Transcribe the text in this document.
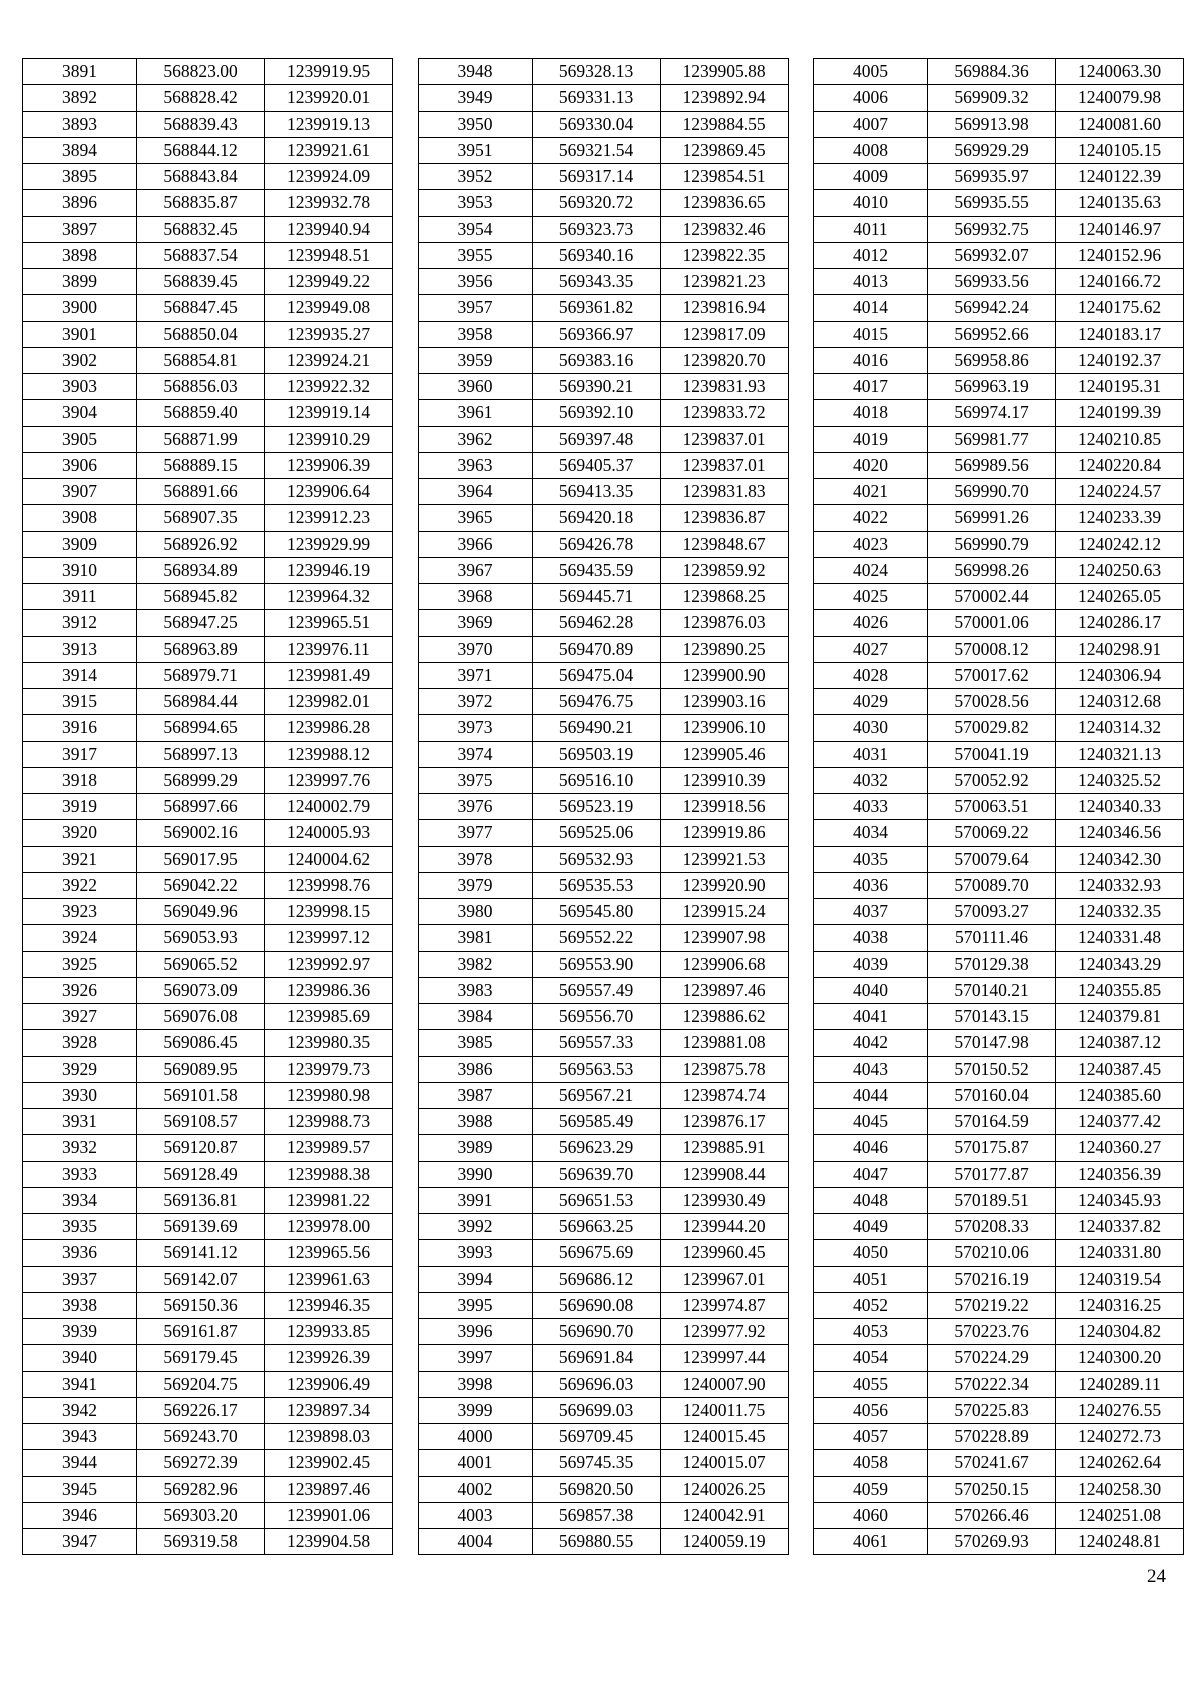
3891	568823.00	1239919.95
3892	568828.42	1239920.01
3893	568839.43	1239919.13
3894	568844.12	1239921.61
3895	568843.84	1239924.09
3896	568835.87	1239932.78
3897	568832.45	1239940.94
3898	568837.54	1239948.51
3899	568839.45	1239949.22
3900	568847.45	1239949.08
3901	568850.04	1239935.27
3902	568854.81	1239924.21
3903	568856.03	1239922.32
3904	568859.40	1239919.14
3905	568871.99	1239910.29
3906	568889.15	1239906.39
3907	568891.66	1239906.64
3908	568907.35	1239912.23
3909	568926.92	1239929.99
3910	568934.89	1239946.19
3911	568945.82	1239964.32
3912	568947.25	1239965.51
3913	568963.89	1239976.11
3914	568979.71	1239981.49
3915	568984.44	1239982.01
3916	568994.65	1239986.28
3917	568997.13	1239988.12
3918	568999.29	1239997.76
3919	568997.66	1240002.79
3920	569002.16	1240005.93
3921	569017.95	1240004.62
3922	569042.22	1239998.76
3923	569049.96	1239998.15
3924	569053.93	1239997.12
3925	569065.52	1239992.97
3926	569073.09	1239986.36
3927	569076.08	1239985.69
3928	569086.45	1239980.35
3929	569089.95	1239979.73
3930	569101.58	1239980.98
3931	569108.57	1239988.73
3932	569120.87	1239989.57
3933	569128.49	1239988.38
3934	569136.81	1239981.22
3935	569139.69	1239978.00
3936	569141.12	1239965.56
3937	569142.07	1239961.63
3938	569150.36	1239946.35
3939	569161.87	1239933.85
3940	569179.45	1239926.39
3941	569204.75	1239906.49
3942	569226.17	1239897.34
3943	569243.70	1239898.03
3944	569272.39	1239902.45
3945	569282.96	1239897.46
3946	569303.20	1239901.06
3947	569319.58	1239904.58
3948	569328.13	1239905.88
3949	569331.13	1239892.94
3950	569330.04	1239884.55
3951	569321.54	1239869.45
3952	569317.14	1239854.51
3953	569320.72	1239836.65
3954	569323.73	1239832.46
3955	569340.16	1239822.35
3956	569343.35	1239821.23
3957	569361.82	1239816.94
3958	569366.97	1239817.09
3959	569383.16	1239820.70
3960	569390.21	1239831.93
3961	569392.10	1239833.72
3962	569397.48	1239837.01
3963	569405.37	1239837.01
3964	569413.35	1239831.83
3965	569420.18	1239836.87
3966	569426.78	1239848.67
3967	569435.59	1239859.92
3968	569445.71	1239868.25
3969	569462.28	1239876.03
3970	569470.89	1239890.25
3971	569475.04	1239900.90
3972	569476.75	1239903.16
3973	569490.21	1239906.10
3974	569503.19	1239905.46
3975	569516.10	1239910.39
3976	569523.19	1239918.56
3977	569525.06	1239919.86
3978	569532.93	1239921.53
3979	569535.53	1239920.90
3980	569545.80	1239915.24
3981	569552.22	1239907.98
3982	569553.90	1239906.68
3983	569557.49	1239897.46
3984	569556.70	1239886.62
3985	569557.33	1239881.08
3986	569563.53	1239875.78
3987	569567.21	1239874.74
3988	569585.49	1239876.17
3989	569623.29	1239885.91
3990	569639.70	1239908.44
3991	569651.53	1239930.49
3992	569663.25	1239944.20
3993	569675.69	1239960.45
3994	569686.12	1239967.01
3995	569690.08	1239974.87
3996	569690.70	1239977.92
3997	569691.84	1239997.44
3998	569696.03	1240007.90
3999	569699.03	1240011.75
4000	569709.45	1240015.45
4001	569745.35	1240015.07
4002	569820.50	1240026.25
4003	569857.38	1240042.91
4004	569880.55	1240059.19
4005	569884.36	1240063.30
4006	569909.32	1240079.98
4007	569913.98	1240081.60
4008	569929.29	1240105.15
4009	569935.97	1240122.39
4010	569935.55	1240135.63
4011	569932.75	1240146.97
4012	569932.07	1240152.96
4013	569933.56	1240166.72
4014	569942.24	1240175.62
4015	569952.66	1240183.17
4016	569958.86	1240192.37
4017	569963.19	1240195.31
4018	569974.17	1240199.39
4019	569981.77	1240210.85
4020	569989.56	1240220.84
4021	569990.70	1240224.57
4022	569991.26	1240233.39
4023	569990.79	1240242.12
4024	569998.26	1240250.63
4025	570002.44	1240265.05
4026	570001.06	1240286.17
4027	570008.12	1240298.91
4028	570017.62	1240306.94
4029	570028.56	1240312.68
4030	570029.82	1240314.32
4031	570041.19	1240321.13
4032	570052.92	1240325.52
4033	570063.51	1240340.33
4034	570069.22	1240346.56
4035	570079.64	1240342.30
4036	570089.70	1240332.93
4037	570093.27	1240332.35
4038	570111.46	1240331.48
4039	570129.38	1240343.29
4040	570140.21	1240355.85
4041	570143.15	1240379.81
4042	570147.98	1240387.12
4043	570150.52	1240387.45
4044	570160.04	1240385.60
4045	570164.59	1240377.42
4046	570175.87	1240360.27
4047	570177.87	1240356.39
4048	570189.51	1240345.93
4049	570208.33	1240337.82
4050	570210.06	1240331.80
4051	570216.19	1240319.54
4052	570219.22	1240316.25
4053	570223.76	1240304.82
4054	570224.29	1240300.20
4055	570222.34	1240289.11
4056	570225.83	1240276.55
4057	570228.89	1240272.73
4058	570241.67	1240262.64
4059	570250.15	1240258.30
4060	570266.46	1240251.08
4061	570269.93	1240248.81
24
